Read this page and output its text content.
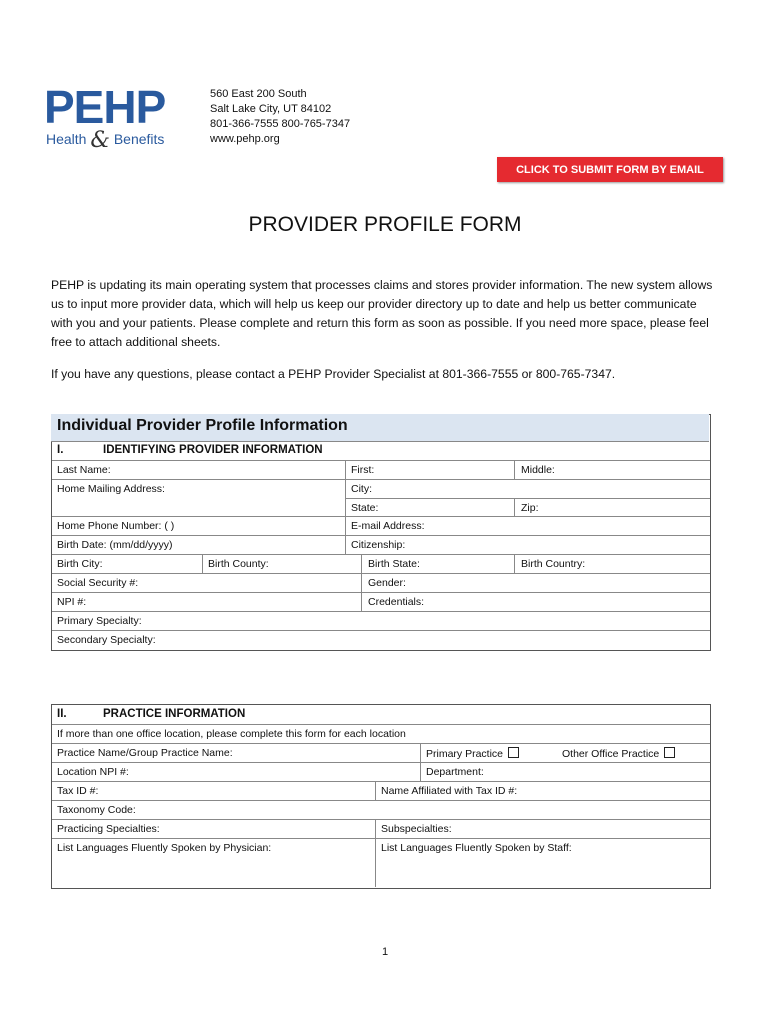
PEHP
Health & Benefits
560 East 200 South
Salt Lake City, UT 84102
801-366-7555 800-765-7347
www.pehp.org
CLICK TO SUBMIT FORM BY EMAIL
PROVIDER PROFILE FORM
PEHP is updating its main operating system that processes claims and stores provider information. The new system allows us to input more provider data, which will help us keep our provider directory up to date and help us better communicate with you and your patients. Please complete and return this form as soon as possible. If you need more space, please feel free to attach additional sheets.
If you have any questions, please contact a PEHP Provider Specialist at 801-366-7555 or 800-765-7347.
Individual Provider Profile Information
I.	IDENTIFYING PROVIDER INFORMATION
Last Name:	First:	Middle:
Home Mailing Address:	City:
State:	Zip:
Home Phone Number: ( )	E-mail Address:
Birth Date: (mm/dd/yyyy)	Citizenship:
Birth City:	Birth County:	Birth State:	Birth Country:
Social Security #:	Gender:
NPI #:	Credentials:
Primary Specialty:
Secondary Specialty:
II.	PRACTICE INFORMATION
If more than one office location, please complete this form for each location
Practice Name/Group Practice Name:	Primary Practice	Other Office Practice
Location NPI #:	Department:
Tax ID #:	Name Affiliated with Tax ID #:
Taxonomy Code:
Practicing Specialties:	Subspecialties:
List Languages Fluently Spoken by Physician:	List Languages Fluently Spoken by Staff:
1
